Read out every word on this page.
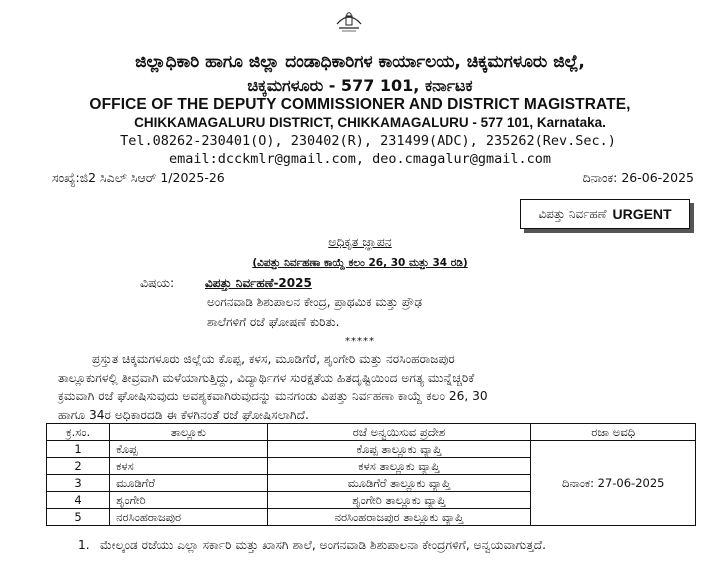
ಜಿಲ್ಲಾಧಿಕಾರಿ ಹಾಗೂ ಜಿಲ್ಲಾ ದಂಡಾಧಿಕಾರಿಗಳ ಕಾರ್ಯಾಲಯ, ಚಿಕ್ಕಮಗಳೂರು ಜಿಲ್ಲೆ,
ಚಿಕ್ಕಮಗಳೂರು - 577 101, ಕರ್ನಾಟಕ
OFFICE OF THE DEPUTY COMMISSIONER AND DISTRICT MAGISTRATE,
CHIKKAMAGALURU DISTRICT, CHIKKAMAGALURU - 577 101, Karnataka.
Tel.08262-230401(O), 230402(R), 231499(ADC), 235262(Rev.Sec.)
email:dcckmlr@gmail.com, deo.cmagalur@gmail.com
ಸಂಖ್ಯೆ:ಜಿ2 ಸಿಎಲ್ ಸಿಆರ್ 1/2025-26	ದಿನಾಂಕ: 26-06-2025
ವಿಪತ್ತು ನಿರ್ವಹಣೆ URGENT
ಅಧಿಕೃತ ಜ್ಞಾಪನ
(ವಿಪತ್ತು ನಿರ್ವಹಣಾ ಕಾಯ್ದೆ ಕಲಂ 26, 30 ಮತ್ತು 34 ರಡಿ)
ವಿಷಯ:	ವಿಪತ್ತು ನಿರ್ವಹಣೆ-2025
ಅಂಗನವಾಡಿ ಶಿಶುಪಾಲನ ಕೇಂದ್ರ, ಪ್ರಾಥಮಿಕ ಮತ್ತು ಪ್ರೌಢ
ಶಾಲೆಗಳಿಗೆ ರಜೆ ಘೋಷಣೆ ಕುರಿತು.
*****
ಪ್ರಸ್ತುತ ಚಿಕ್ಕಮಗಳೂರು ಜಿಲ್ಲೆಯ ಕೊಪ್ಪ, ಕಳಸ, ಮೂಡಿಗೆರೆ, ಶೃಂಗೇರಿ ಮತ್ತು ನರಸಿಂಹರಾಜಪುರ
ತಾಲ್ಲೂಕುಗಳಲ್ಲಿ ತೀವ್ರವಾಗಿ ಮಳೆಯಾಗುತ್ತಿದ್ದು, ವಿದ್ಯಾರ್ಥಿಗಳ ಸುರಕ್ಷತೆಯ ಹಿತದೃಷ್ಟಿಯಿಂದ ಅಗತ್ಯ ಮುನ್ನೆಚ್ಚರಿಕೆ
ಕ್ರಮವಾಗಿ ರಜೆ ಘೋಷಿಸುವುದು ಅವಶ್ಯಕವಾಗಿರುವುದನ್ನು ಮನಗಂಡು ವಿಪತ್ತು ನಿರ್ವಹಣಾ ಕಾಯ್ದೆ ಕಲಂ 26, 30
ಹಾಗೂ 34ರ ಅಧಿಕಾರದಡಿ ಈ ಕೆಳಗಿನಂತೆ ರಜೆ ಘೋಷಿಸಲಾಗಿದೆ.
ಕ್ರ.ಸಂ.	ತಾಲ್ಲೂಕು	ರಜೆ ಅನ್ವಯಿಸುವ ಪ್ರದೇಶ	ರಜಾ ಅವಧಿ
1	ಕೊಪ್ಪ	ಕೊಪ್ಪ ತಾಲ್ಲೂಕು ವ್ಯಾಪ್ತಿ	ದಿನಾಂಕ: 27-06-2025
2	ಕಳಸ	ಕಳಸ ತಾಲ್ಲೂಕು ವ್ಯಾಪ್ತಿ	
3	ಮೂಡಿಗೆರೆ	ಮೂಡಿಗೆರೆ ತಾಲ್ಲೂಕು ವ್ಯಾಪ್ತಿ	
4	ಶೃಂಗೇರಿ	ಶೃಂಗೇರಿ ತಾಲ್ಲೂಕು ವ್ಯಾಪ್ತಿ	
5	ನರಸಿಂಹರಾಜಪುರ	ನರಸಿಂಹರಾಜಪುರ ತಾಲ್ಲೂಕು ವ್ಯಾಪ್ತಿ	
1. ಮೇಲ್ಕಂಡ ರಜೆಯು ಎಲ್ಲಾ ಸರ್ಕಾರಿ ಮತ್ತು ಖಾಸಗಿ ಶಾಲೆ, ಅಂಗನವಾಡಿ ಶಿಶುಪಾಲನಾ ಕೇಂದ್ರಗಳಿಗೆ, ಅನ್ವಯವಾಗುತ್ತದೆ.
